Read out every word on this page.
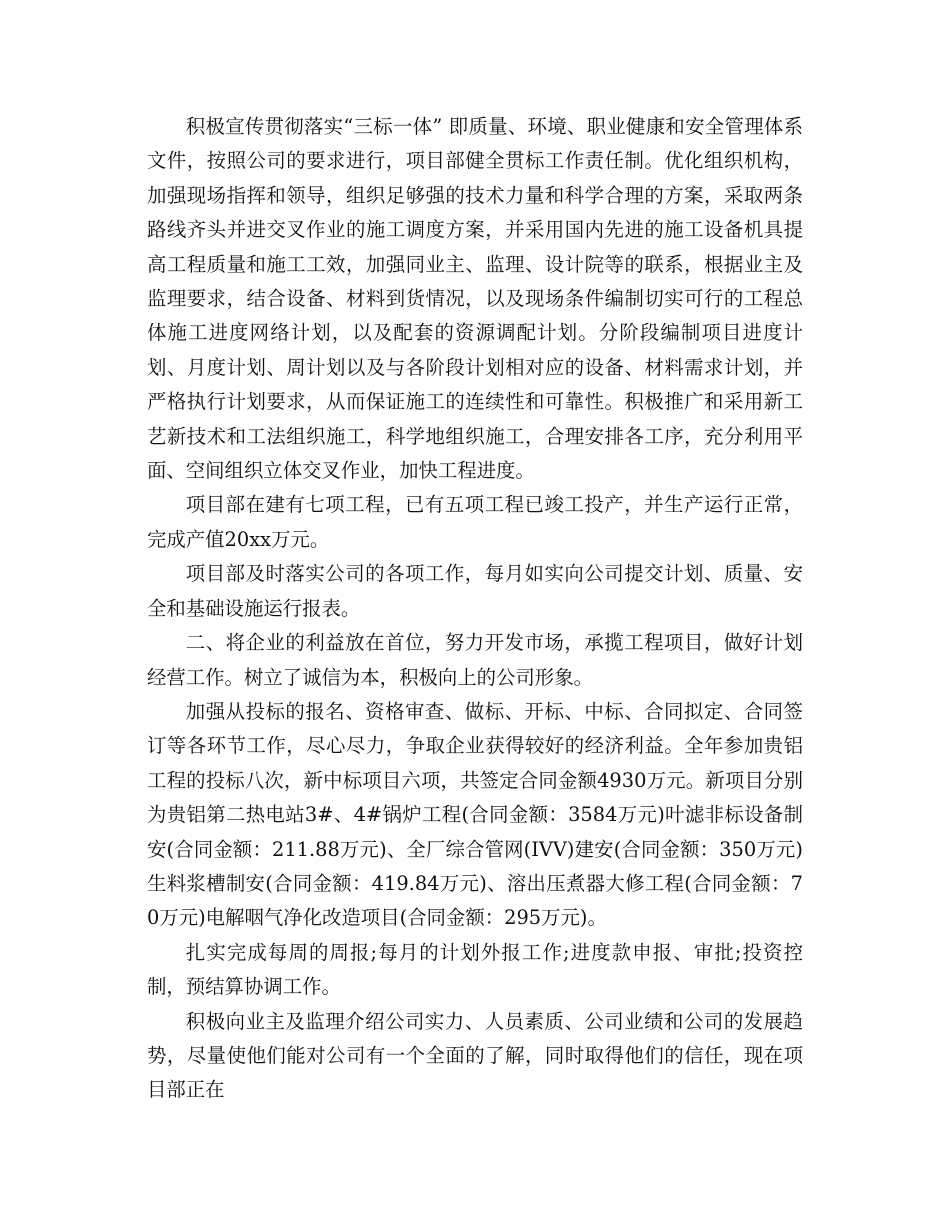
积极宣传贯彻落实“三标一体” 即质量、环境、职业健康和安全管理体系文件，按照公司的要求进行，项目部健全贯标工作责任制。优化组织机构，加强现场指挥和领导，组织足够强的技术力量和科学合理的方案，采取两条路线齐头并进交叉作业的施工调度方案，并采用国内先进的施工设备机具提高工程质量和施工工效，加强同业主、监理、设计院等的联系，根据业主及监理要求，结合设备、材料到货情况，以及现场条件编制切实可行的工程总体施工进度网络计划，以及配套的资源调配计划。分阶段编制项目进度计划、月度计划、周计划以及与各阶段计划相对应的设备、材料需求计划，并严格执行计划要求，从而保证施工的连续性和可靠性。积极推广和采用新工艺新技术和工法组织施工，科学地组织施工，合理安排各工序，充分利用平面、空间组织立体交叉作业，加快工程进度。

项目部在建有七项工程，已有五项工程已竣工投产，并生产运行正常，完成产值20xx万元。

项目部及时落实公司的各项工作，每月如实向公司提交计划、质量、安全和基础设施运行报表。

二、将企业的利益放在首位，努力开发市场，承揽工程项目，做好计划经营工作。树立了诚信为本，积极向上的公司形象。

加强从投标的报名、资格审查、做标、开标、中标、合同拟定、合同签订等各环节工作，尽心尽力，争取企业获得较好的经济利益。全年参加贵铝工程的投标八次，新中标项目六项，共签定合同金额4930万元。新项目分别为贵铝第二热电站3#、4#锅炉工程(合同金额：3584万元)叶滤非标设备制安(合同金额：211.88万元)、全厂综合管网(IVV)建安(合同金额：350万元)生料浆槽制安(合同金额：419.84万元)、溶出压煮器大修工程(合同金额：70万元)电解咽气净化改造项目(合同金额：295万元)。

扎实完成每周的周报;每月的计划外报工作;进度款申报、审批;投资控制，预结算协调工作。

积极向业主及监理介绍公司实力、人员素质、公司业绩和公司的发展趋势，尽量使他们能对公司有一个全面的了解，同时取得他们的信任，现在项目部正在
